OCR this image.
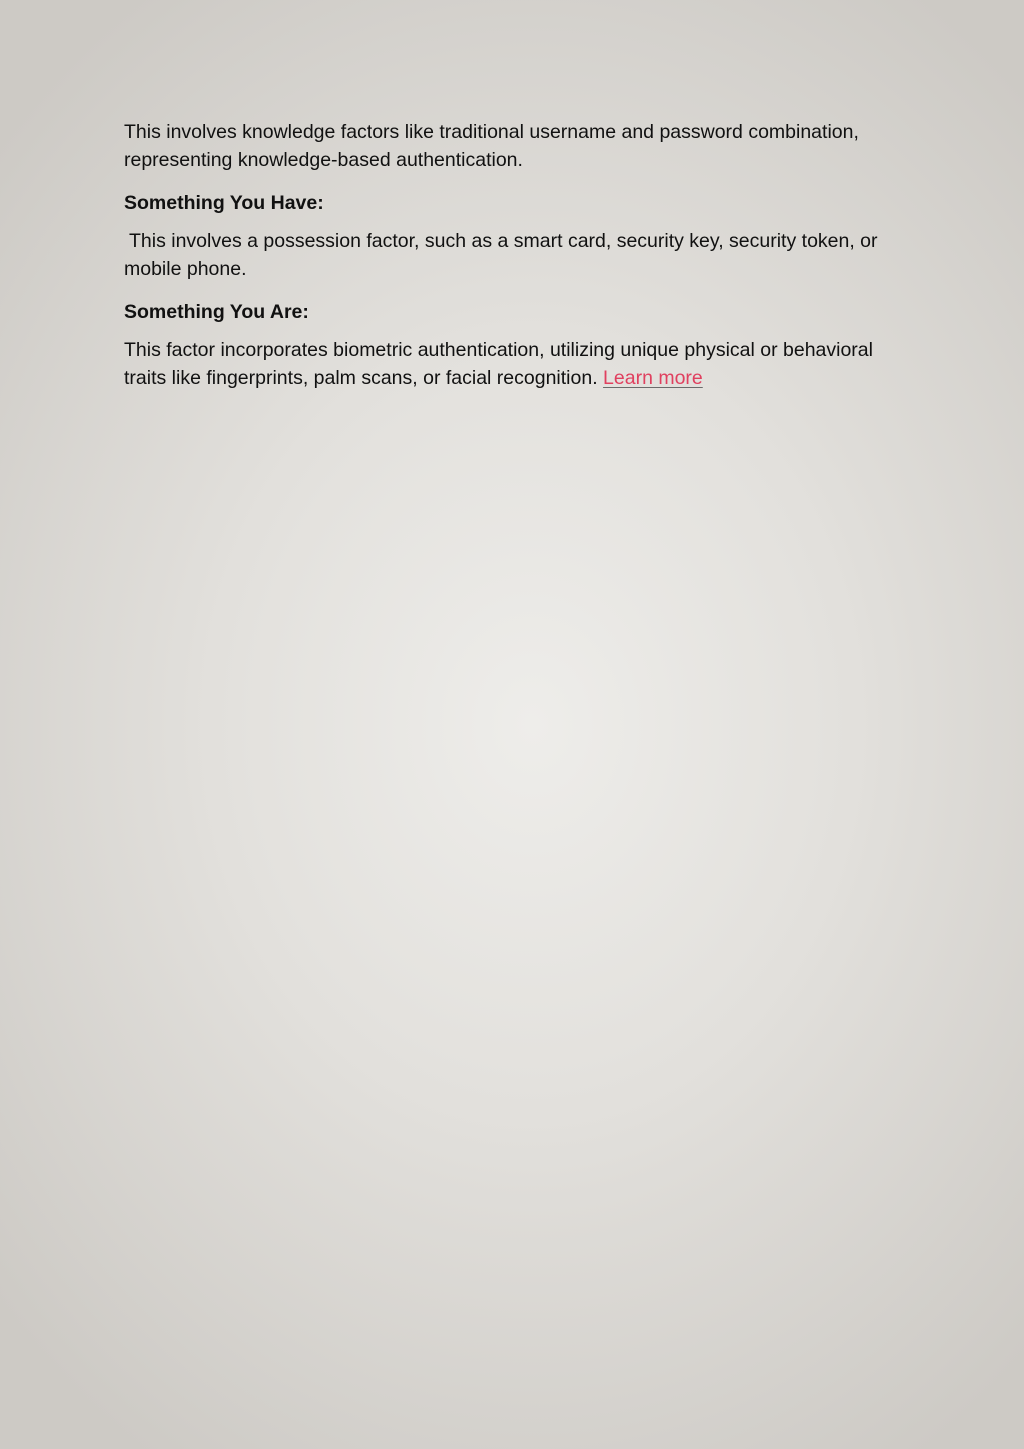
This involves knowledge factors like traditional username and password combination, representing knowledge-based authentication.

Something You Have:

This involves a possession factor, such as a smart card, security key, security token, or mobile phone.

Something You Are:

This factor incorporates biometric authentication, utilizing unique physical or behavioral traits like fingerprints, palm scans, or facial recognition. Learn more
